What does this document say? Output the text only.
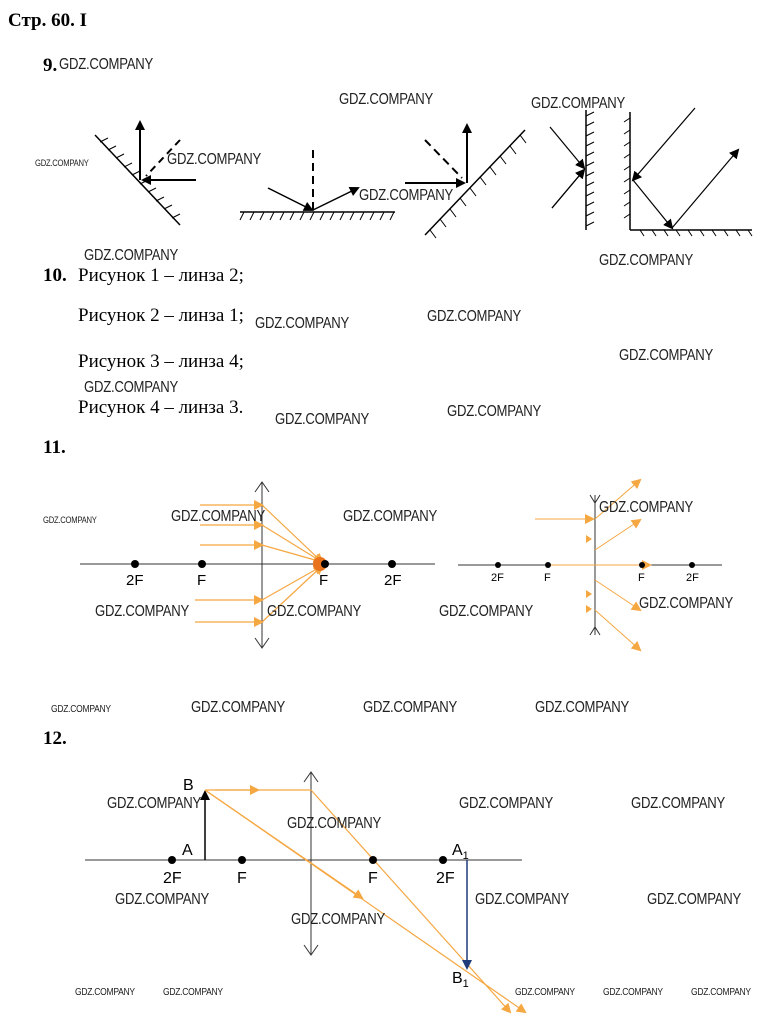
Стр. 60. I
9.
10. Рисунок 1 – линза 2;
Рисунок 2 – линза 1;
Рисунок 3 – линза 4;
Рисунок 4 – линза 3.
11.
2F	F	F	2F	2F	F	F	2F
12.
B
A	$A_1$
$B_1$
2F	F	F	2F
GDZ.COMPANY
GDZ.COMPANY	GDZ.COMPANY
GDZ.COMPANY	GDZ.COMPANY
GDZ.COMPANY
GDZ.COMPANY	GDZ.COMPANY
GDZ.COMPANY	GDZ.COMPANY
GDZ.COMPANY
GDZ.COMPANY
GDZ.COMPANY	GDZ.COMPANY
GDZ.COMPANY	GDZ.COMPANY	GDZ.COMPANY
GDZ.COMPANY
GDZ.COMPANY	GDZ.COMPANY	GDZ.COMPANY	GDZ.COMPANY
GDZ.COMPANY	GDZ.COMPANY	GDZ.COMPANY	GDZ.COMPANY
GDZ.COMPANY	GDZ.COMPANY	GDZ.COMPANY
GDZ.COMPANY
GDZ.COMPANY	GDZ.COMPANY	GDZ.COMPANY
GDZ.COMPANY
GDZ.COMPANY	GDZ.COMPANY	GDZ.COMPANY	GDZ.COMPANY	GDZ.COMPANY
